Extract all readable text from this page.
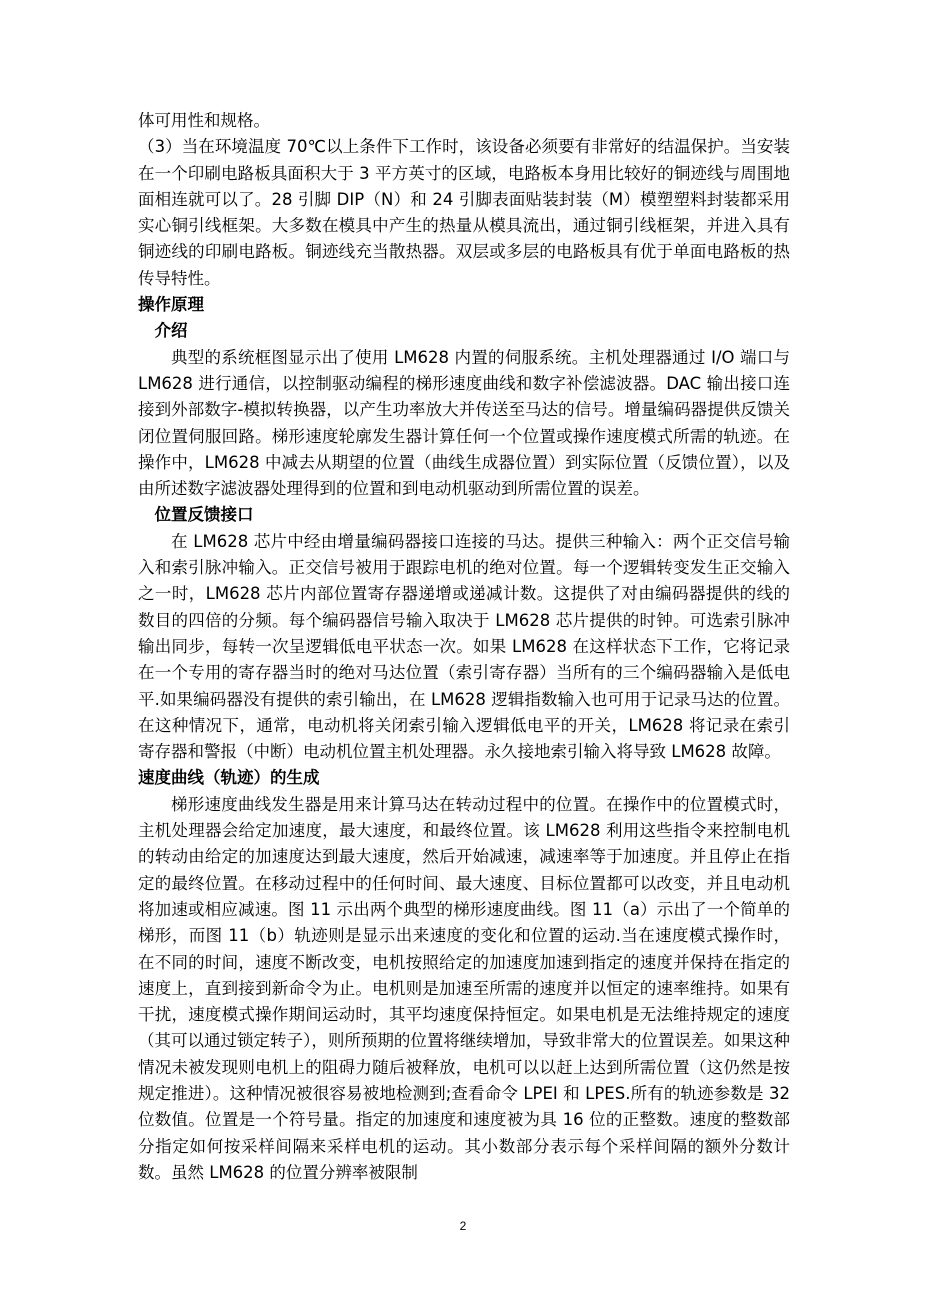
体可用性和规格。

（3）当在环境温度 70℃以上条件下工作时，该设备必须要有非常好的结温保护。当安装在一个印刷电路板具面积大于 3 平方英寸的区域，电路板本身用比较好的铜迹线与周围地面相连就可以了。28 引脚 DIP（N）和 24 引脚表面贴装封装（M）模塑塑料封装都采用实心铜引线框架。大多数在模具中产生的热量从模具流出，通过铜引线框架，并进入具有铜迹线的印刷电路板。铜迹线充当散热器。双层或多层的电路板具有优于单面电路板的热传导特性。

操作原理

介绍

典型的系统框图显示出了使用 LM628 内置的伺服系统。主机处理器通过 I/O 端口与 LM628 进行通信，以控制驱动编程的梯形速度曲线和数字补偿滤波器。DAC 输出接口连接到外部数字-模拟转换器，以产生功率放大并传送至马达的信号。增量编码器提供反馈关闭位置伺服回路。梯形速度轮廓发生器计算任何一个位置或操作速度模式所需的轨迹。在操作中，LM628 中减去从期望的位置（曲线生成器位置）到实际位置（反馈位置），以及由所述数字滤波器处理得到的位置和到电动机驱动到所需位置的误差。

位置反馈接口

在 LM628 芯片中经由增量编码器接口连接的马达。提供三种输入：两个正交信号输入和索引脉冲输入。正交信号被用于跟踪电机的绝对位置。每一个逻辑转变发生正交输入之一时，LM628 芯片内部位置寄存器递增或递减计数。这提供了对由编码器提供的线的数目的四倍的分频。每个编码器信号输入取决于 LM628 芯片提供的时钟。可选索引脉冲输出同步，每转一次呈逻辑低电平状态一次。如果 LM628 在这样状态下工作，它将记录在一个专用的寄存器当时的绝对马达位置（索引寄存器）当所有的三个编码器输入是低电平.如果编码器没有提供的索引输出，在 LM628 逻辑指数输入也可用于记录马达的位置。在这种情况下，通常，电动机将关闭索引输入逻辑低电平的开关，LM628 将记录在索引寄存器和警报（中断）电动机位置主机处理器。永久接地索引输入将导致 LM628 故障。

速度曲线（轨迹）的生成

梯形速度曲线发生器是用来计算马达在转动过程中的位置。在操作中的位置模式时，主机处理器会给定加速度，最大速度，和最终位置。该 LM628 利用这些指令来控制电机的转动由给定的加速度达到最大速度，然后开始减速，减速率等于加速度。并且停止在指定的最终位置。在移动过程中的任何时间、最大速度、目标位置都可以改变，并且电动机将加速或相应减速。图 11 示出两个典型的梯形速度曲线。图 11（a）示出了一个简单的梯形，而图 11（b）轨迹则是显示出来速度的变化和位置的运动.当在速度模式操作时，在不同的时间，速度不断改变，电机按照给定的加速度加速到指定的速度并保持在指定的速度上，直到接到新命令为止。电机则是加速至所需的速度并以恒定的速率维持。如果有干扰，速度模式操作期间运动时，其平均速度保持恒定。如果电机是无法维持规定的速度（其可以通过锁定转子），则所预期的位置将继续增加，导致非常大的位置误差。如果这种情况未被发现则电机上的阻碍力随后被释放，电机可以以赶上达到所需位置（这仍然是按规定推进）。这种情况被很容易被地检测到;查看命令 LPEI 和 LPES.所有的轨迹参数是 32 位数值。位置是一个符号量。指定的加速度和速度被为具 16 位的正整数。速度的整数部分指定如何按采样间隔来采样电机的运动。其小数部分表示每个采样间隔的额外分数计数。虽然 LM628 的位置分辨率被限制

2
